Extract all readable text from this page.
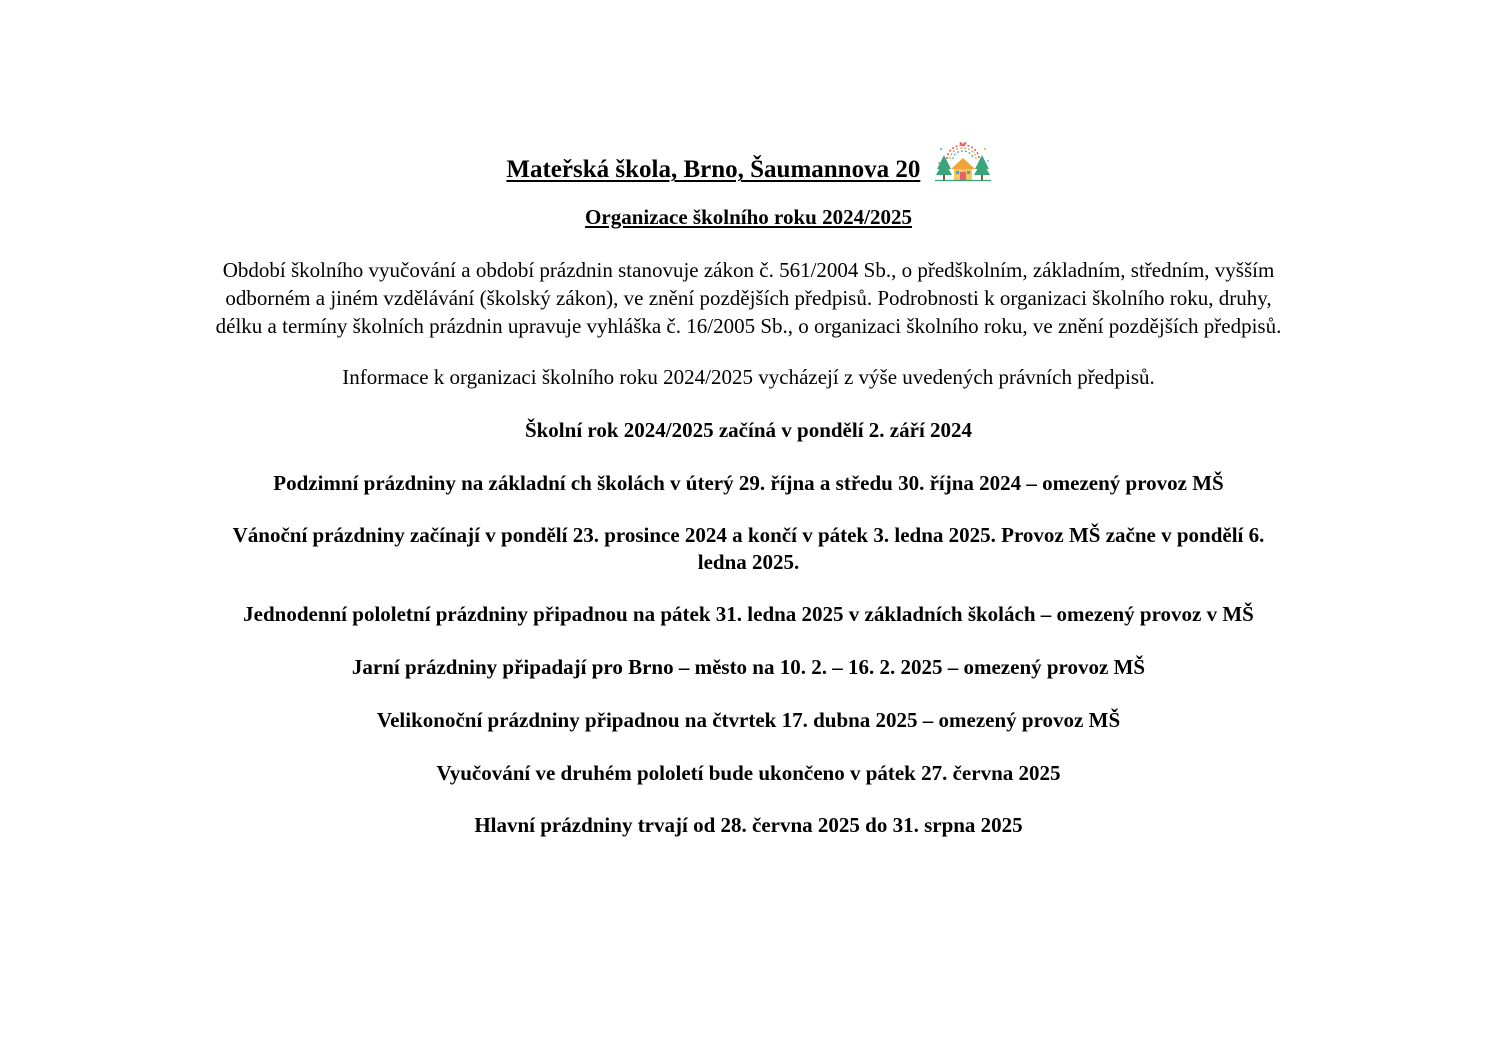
Mateřská škola, Brno, Šaumannova 20
Organizace školního roku 2024/2025
Období školního vyučování a období prázdnin stanovuje zákon č. 561/2004 Sb., o předškolním, základním, středním, vyšším
odborném a jiném vzdělávání (školský zákon), ve znění pozdějších předpisů. Podrobnosti k organizaci školního roku, druhy,
délku a termíny školních prázdnin upravuje vyhláška č. 16/2005 Sb., o organizaci školního roku, ve znění pozdějších předpisů.
Informace k organizaci školního roku 2024/2025 vycházejí z výše uvedených právních předpisů.
Školní rok 2024/2025 začíná v pondělí 2. září 2024
Podzimní prázdniny na základní ch školách v úterý 29. října a středu 30. října 2024 – omezený provoz MŠ
Vánoční prázdniny začínají v pondělí 23. prosince 2024 a končí v pátek 3. ledna 2025. Provoz MŠ začne v pondělí 6.
ledna 2025.
Jednodenní pololetní prázdniny připadnou na pátek 31. ledna 2025 v základních školách – omezený provoz v MŠ
Jarní prázdniny připadají pro Brno – město na 10. 2. – 16. 2. 2025 – omezený provoz MŠ
Velikonoční prázdniny připadnou na čtvrtek 17. dubna 2025 – omezený provoz MŠ
Vyučování ve druhém pololetí bude ukončeno v pátek 27. června 2025
Hlavní prázdniny trvají od 28. června 2025 do 31. srpna 2025
